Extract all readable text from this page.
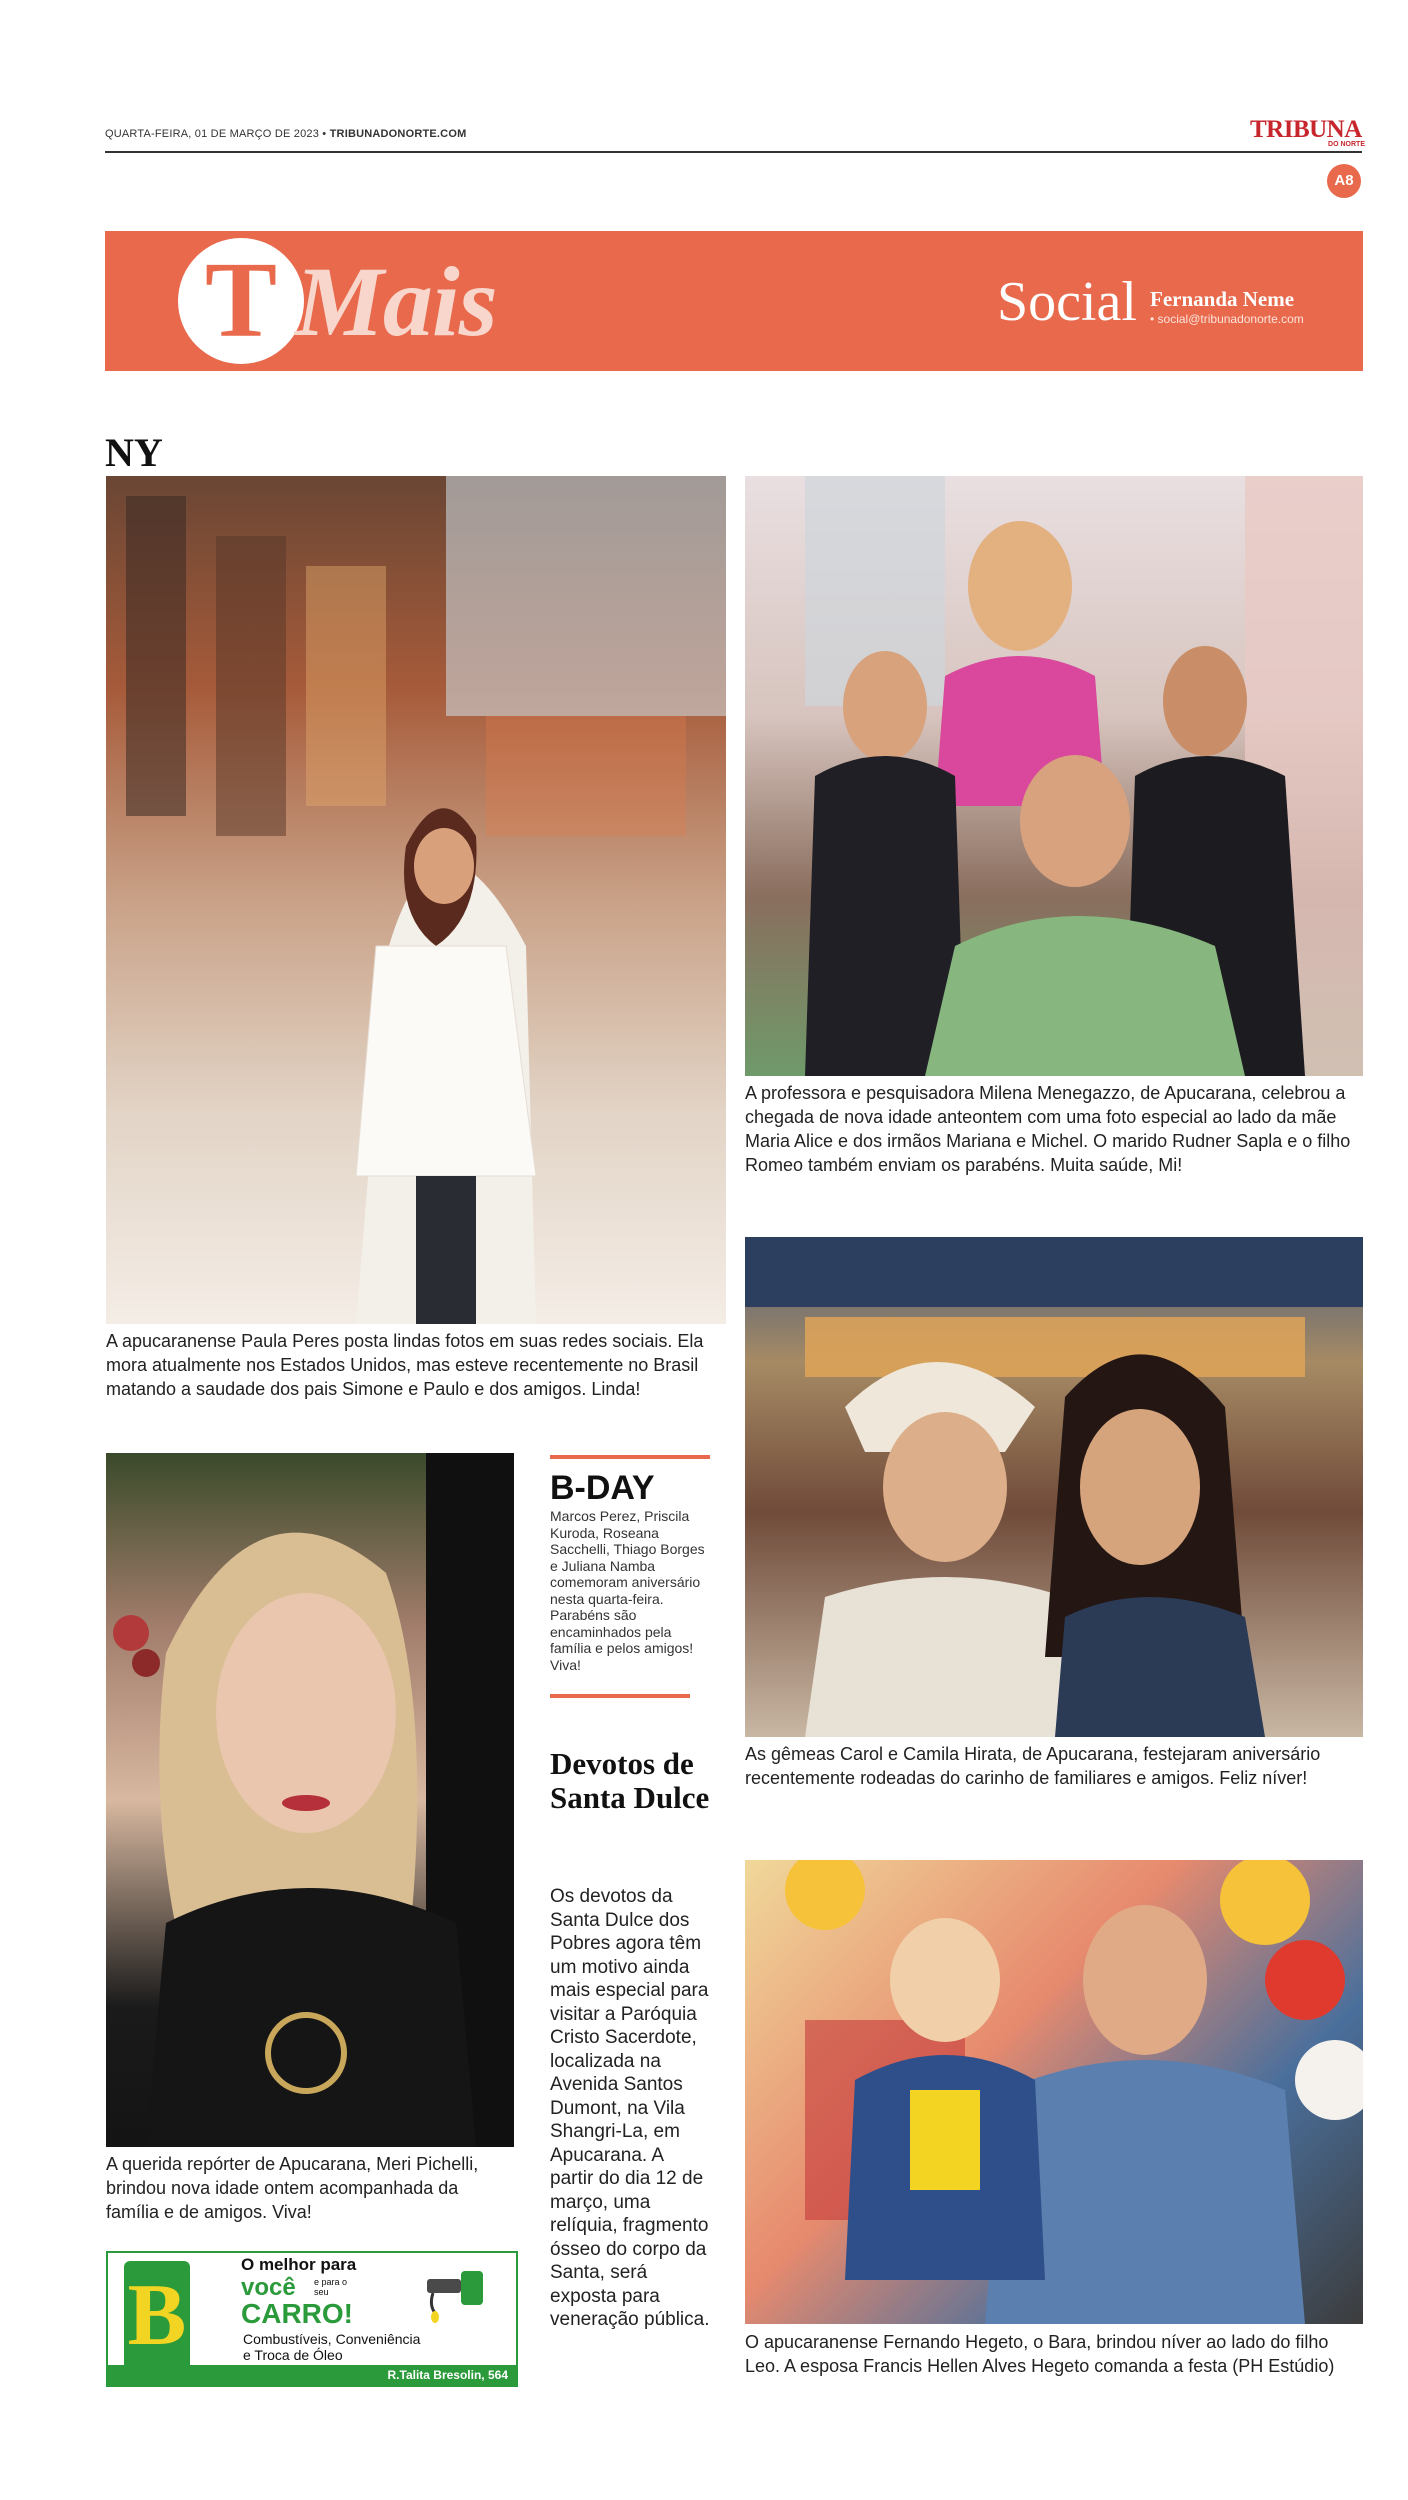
QUARTA-FEIRA, 01 DE MARÇO DE 2023 • TRIBUNADONORTE.COM	TRIBUNA
DO NORTE
A8
T Mais	Social Fernanda Neme
• social@tribunadonorte.com
NY
A apucaranense Paula Peres posta lindas fotos em suas redes sociais. Ela mora atualmente nos Estados Unidos, mas esteve recentemente no Brasil matando a saudade dos pais Simone e Paulo e dos amigos. Linda!
A professora e pesquisadora Milena Menegazzo, de Apucarana, celebrou a chegada de nova idade anteontem com uma foto especial ao lado da mãe Maria Alice e dos irmãos Mariana e Michel. O marido Rudner Sapla e o filho Romeo também enviam os parabéns. Muita saúde, Mi!
As gêmeas Carol e Camila Hirata, de Apucarana, festejaram aniversário recentemente rodeadas do carinho de familiares e amigos. Feliz níver!
A querida repórter de Apucarana, Meri Pichelli, brindou nova idade ontem acompanhada da família e de amigos. Viva!
B-DAY
Marcos Perez, Priscila Kuroda, Roseana Sacchelli, Thiago Borges e Juliana Namba comemoram aniversário nesta quarta-feira. Parabéns são encaminhados pela família e pelos amigos! Viva!
Devotos de Santa Dulce
Os devotos da Santa Dulce dos Pobres agora têm um motivo ainda mais especial para visitar a Paróquia Cristo Sacerdote, localizada na Avenida Santos Dumont, na Vila Shangri-La, em Apucarana. A partir do dia 12 de março, uma relíquia, fragmento ósseo do corpo da Santa, será exposta para veneração pública.
O apucaranense Fernando Hegeto, o Bara, brindou níver ao lado do filho Leo. A esposa Francis Hellen Alves Hegeto comanda a festa (PH Estúdio)
B
O melhor para
você e para o seu
CARRO!
Combustíveis, Conveniência e Troca de Óleo
R.Talita Bresolin, 564
